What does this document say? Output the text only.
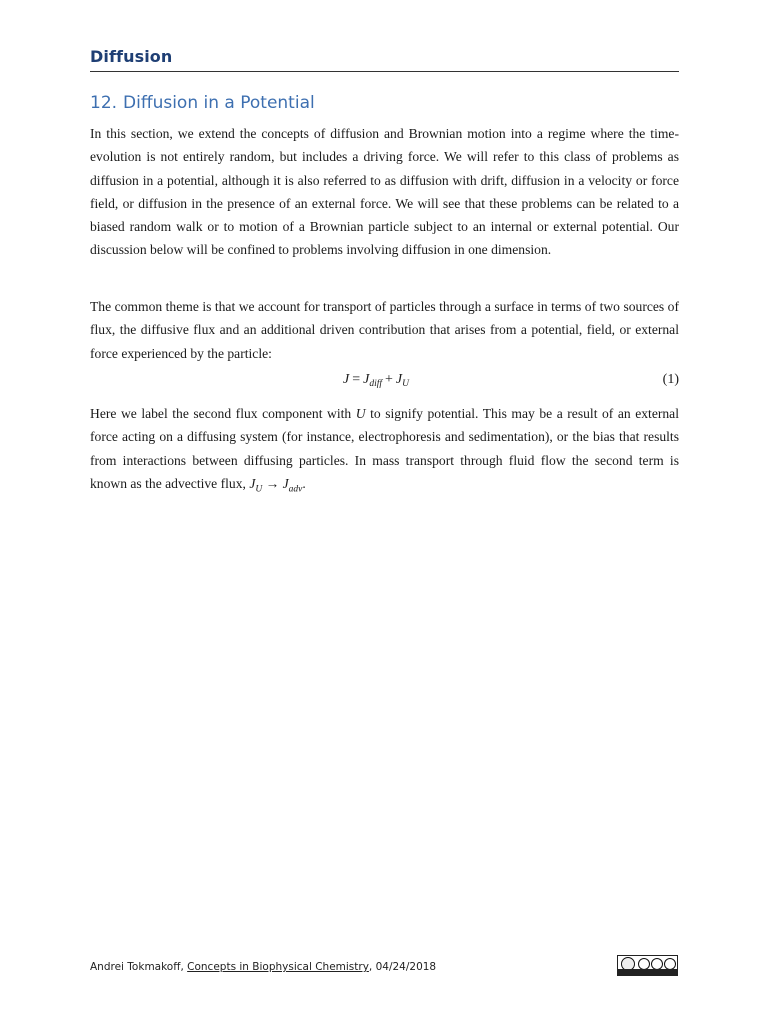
Diffusion
12. Diffusion in a Potential

In this section, we extend the concepts of diffusion and Brownian motion into a regime where the time-evolution is not entirely random, but includes a driving force. We will refer to this class of problems as diffusion in a potential, although it is also referred to as diffusion with drift, diffusion in a velocity or force field, or diffusion in the presence of an external force. We will see that these problems can be related to a biased random walk or to motion of a Brownian particle subject to an internal or external potential. Our discussion below will be confined to problems involving diffusion in one dimension.

The common theme is that we account for transport of particles through a surface in terms of two sources of flux, the diffusive flux and an additional driven contribution that arises from a potential, field, or external force experienced by the particle:

$J = J_{diff} + J_U$	(1)

Here we label the second flux component with U to signify potential. This may be a result of an external force acting on a diffusing system (for instance, electrophoresis and sedimentation), or the bias that results from interactions between diffusing particles. In mass transport through fluid flow the second term is known as the advective flux, $J_U \to J_{adv}$.

Andrei Tokmakoff, Concepts in Biophysical Chemistry, 04/24/2018
